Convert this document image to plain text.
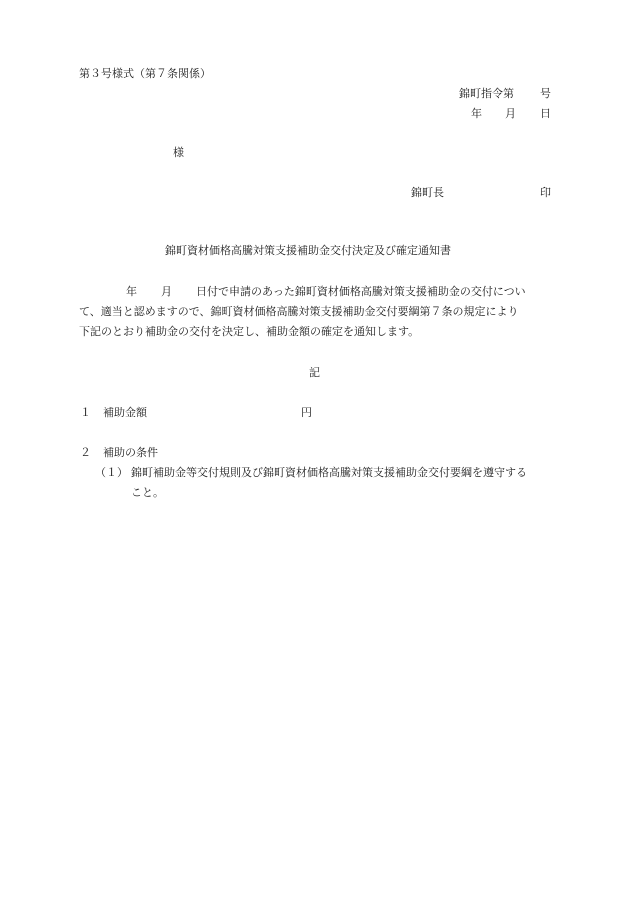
第３号様式（第７条関係）
錦町指令第 号
年 月 日
様
錦町長	印
錦町資材価格高騰対策支援補助金交付決定及び確定通知書
年 月 日付で申請のあった錦町資材価格高騰対策支援補助金の交付につい
て、適当と認めますので、錦町資材価格高騰対策支援補助金交付要綱第７条の規定により
下記のとおり補助金の交付を決定し、補助金額の確定を通知します。
記
１ 補助金額	円
２ 補助の条件
（１） 錦町補助金等交付規則及び錦町資材価格高騰対策支援補助金交付要綱を遵守する
こと。
